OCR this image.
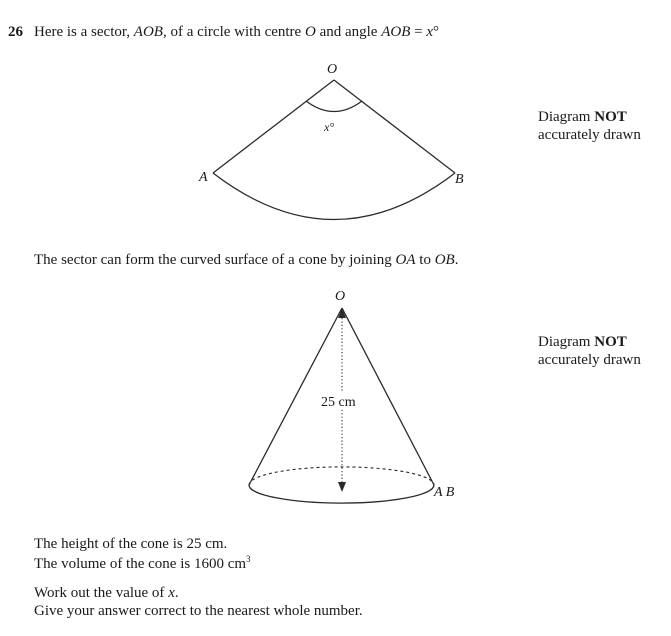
26 Here is a sector, AOB, of a circle with centre O and angle AOB = x°
Diagram NOT
accurately drawn
Diagram NOT
accurately drawn
O
A	B
x°
25 cm
O
A B
The sector can form the curved surface of a cone by joining OA to OB.
The height of the cone is 25 cm.
The volume of the cone is 1600 $cm^3$
Work out the value of x.
Give your answer correct to the nearest whole number.
